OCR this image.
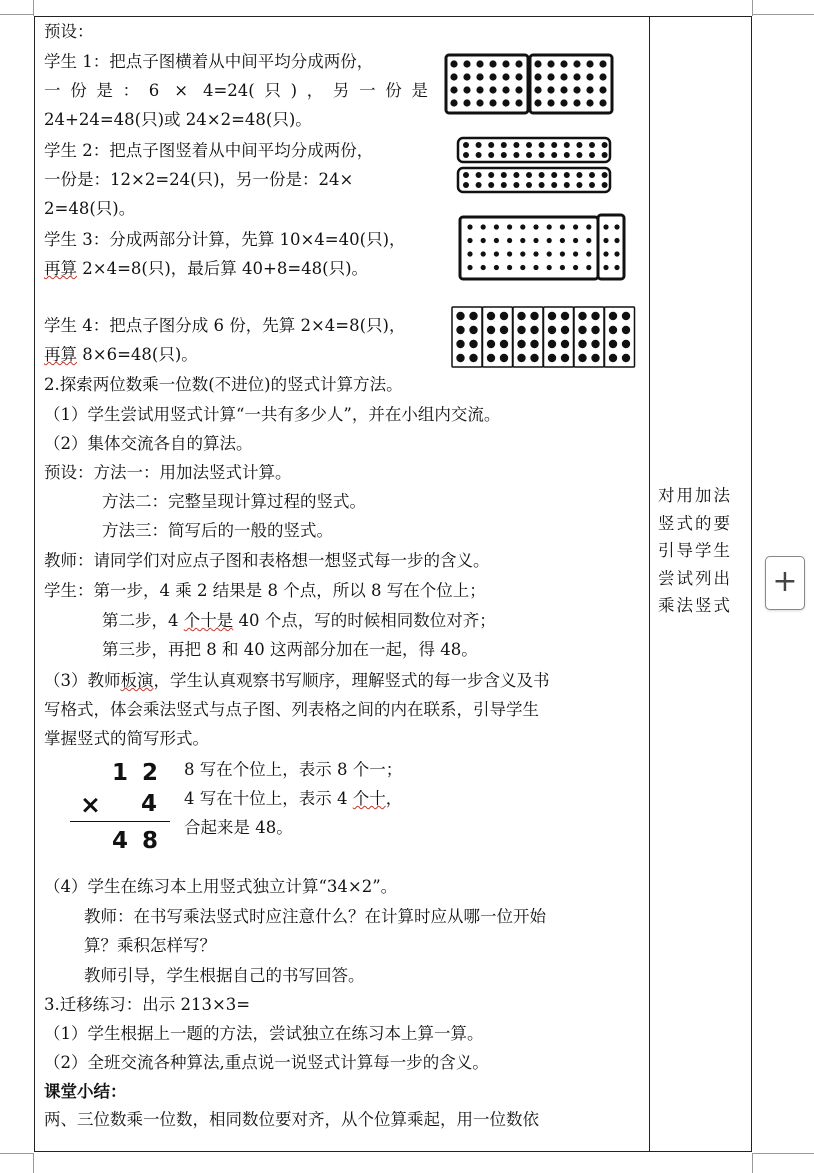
预设：
学生 1：把点子图横着从中间平均分成两份，
一份是：6 × 4=24(只)，另一份是
24+24=48(只)或 24×2=48(只)。
学生 2：把点子图竖着从中间平均分成两份，
一份是：12×2=24(只)，另一份是：24×
2=48(只)。
学生 3：分成两部分计算，先算 10×4=40(只)，
再算 2×4=8(只)，最后算 40+8=48(只)。
学生 4：把点子图分成 6 份，先算 2×4=8(只)，
再算 8×6=48(只)。
2.探索两位数乘一位数(不进位)的竖式计算方法。
（1）学生尝试用竖式计算“一共有多少人”，并在小组内交流。
（2）集体交流各自的算法。
预设：方法一：用加法竖式计算。
方法二：完整呈现计算过程的竖式。
方法三：简写后的一般的竖式。
教师：请同学们对应点子图和表格想一想竖式每一步的含义。
学生：第一步，4 乘 2 结果是 8 个点，所以 8 写在个位上；
第二步，4 个十是 40 个点，写的时候相同数位对齐；
第三步，再把 8 和 40 这两部分加在一起，得 48。
（3）教师板演，学生认真观察书写顺序，理解竖式的每一步含义及书
写格式，体会乘法竖式与点子图、列表格之间的内在联系，引导学生
掌握竖式的简写形式。
8 写在个位上，表示 8 个一；
4 写在十位上，表示 4 个十，
合起来是 48。
（4）学生在练习本上用竖式独立计算“34×2”。
教师：在书写乘法竖式时应注意什么？在计算时应从哪一位开始
算？乘积怎样写？
教师引导，学生根据自己的书写回答。
3.迁移练习：出示 213×3=
（1）学生根据上一题的方法，尝试独立在练习本上算一算。
（2）全班交流各种算法,重点说一说竖式计算每一步的含义。
课堂小结：
两、三位数乘一位数，相同数位要对齐，从个位算乘起，用一位数依
1 2
× 4
4 8
对用加法
竖式的要
引导学生
尝试列出
乘法竖式
+
